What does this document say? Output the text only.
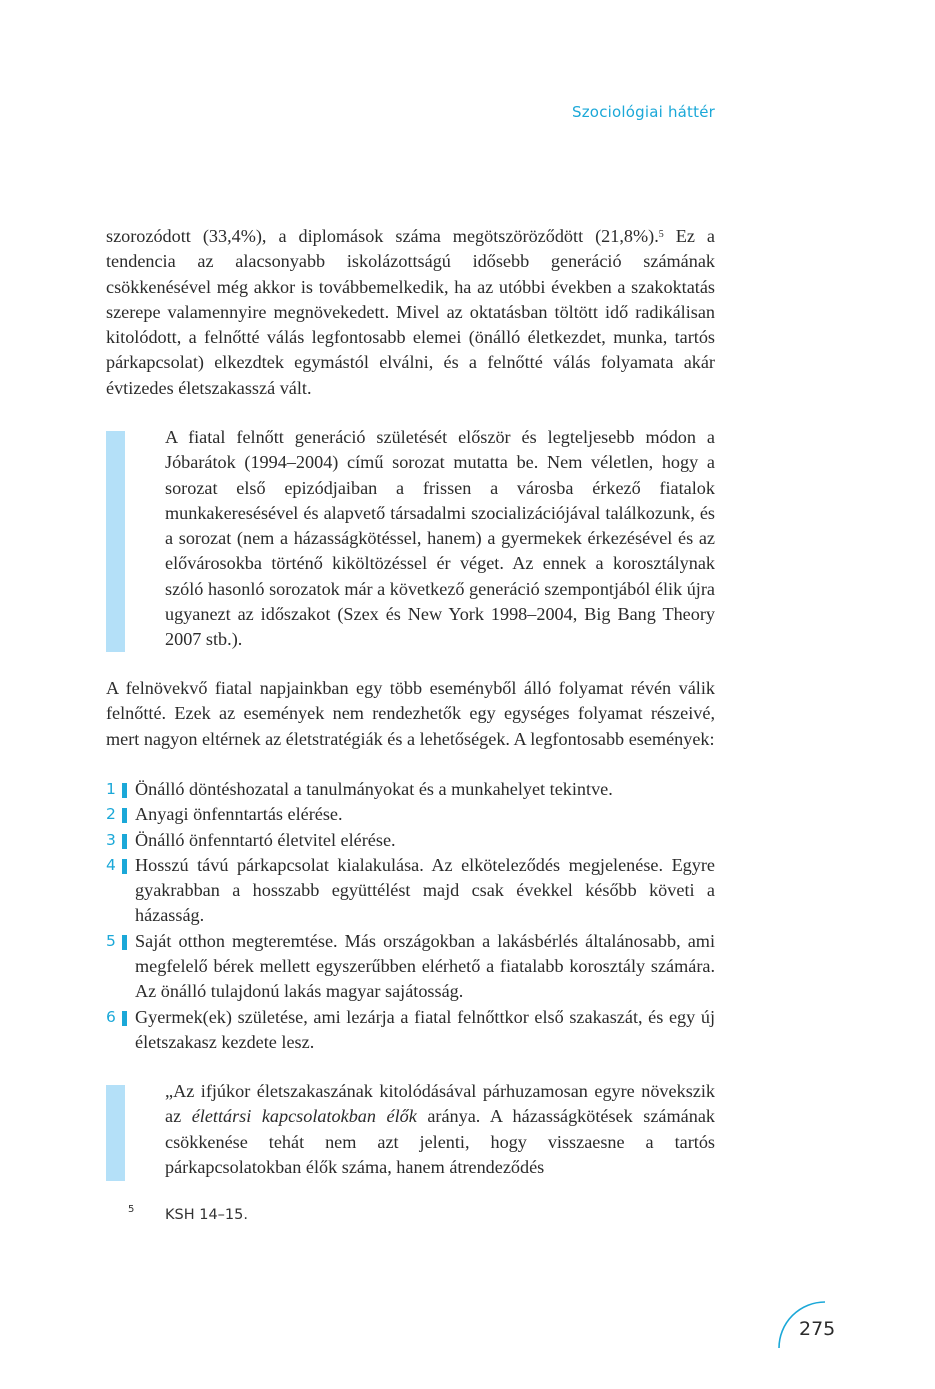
Szociológiai háttér

szorozódott (33,4%), a diplomások száma megötszöröződött (21,8%).$^5$ Ez a tendencia az alacsonyabb iskolázottságú idősebb generáció számának csökkenésével még akkor is továbbemelkedik, ha az utóbbi években a szakoktatás szerepe valamennyire megnövekedett. Mivel az oktatásban töltött idő radikálisan kitolódott, a felnőtté válás legfontosabb elemei (önálló életkezdet, munka, tartós párkapcsolat) elkezdtek egymástól elválni, és a felnőtté válás folyamata akár évtizedes életszakasszá vált.

A fiatal felnőtt generáció születését először és legteljesebb módon a Jóbarátok (1994–2004) című sorozat mutatta be. Nem véletlen, hogy a sorozat első epizódjaiban a frissen a városba érkező fiatalok munkakeresésével és alapvető társadalmi szocializációjával találkozunk, és a sorozat (nem a házasságkötéssel, hanem) a gyermekek érkezésével és az elővárosokba történő kiköltözéssel ér véget. Az ennek a korosztálynak szóló hasonló sorozatok már a következő generáció szempontjából élik újra ugyanezt az időszakot (Szex és New York 1998–2004, Big Bang Theory 2007 stb.).

A felnövekvő fiatal napjainkban egy több eseményből álló folyamat révén válik felnőtté. Ezek az események nem rendezhetők egy egységes folyamat részeivé, mert nagyon eltérnek az életstratégiák és a lehetőségek. A legfontosabb események:

1 Önálló döntéshozatal a tanulmányokat és a munkahelyet tekintve.
2 Anyagi önfenntartás elérése.
3 Önálló önfenntartó életvitel elérése.
4 Hosszú távú párkapcsolat kialakulása. Az elköteleződés megjelenése. Egyre gyakrabban a hosszabb együttélést majd csak évekkel később követi a házasság.
5 Saját otthon megteremtése. Más országokban a lakásbérlés általánosabb, ami megfelelő bérek mellett egyszerűbben elérhető a fiatalabb korosztály számára. Az önálló tulajdonú lakás magyar sajátosság.
6 Gyermek(ek) születése, ami lezárja a fiatal felnőttkor első szakaszát, és egy új életszakasz kezdete lesz.

„Az ifjúkor életszakaszának kitolódásával párhuzamosan egyre növekszik az élettársi kapcsolatokban élők aránya. A házasságkötések számának csökkenése tehát nem azt jelenti, hogy visszaesne a tartós párkapcsolatokban élők száma, hanem átrendeződés

5 KSH 14–15.
275
